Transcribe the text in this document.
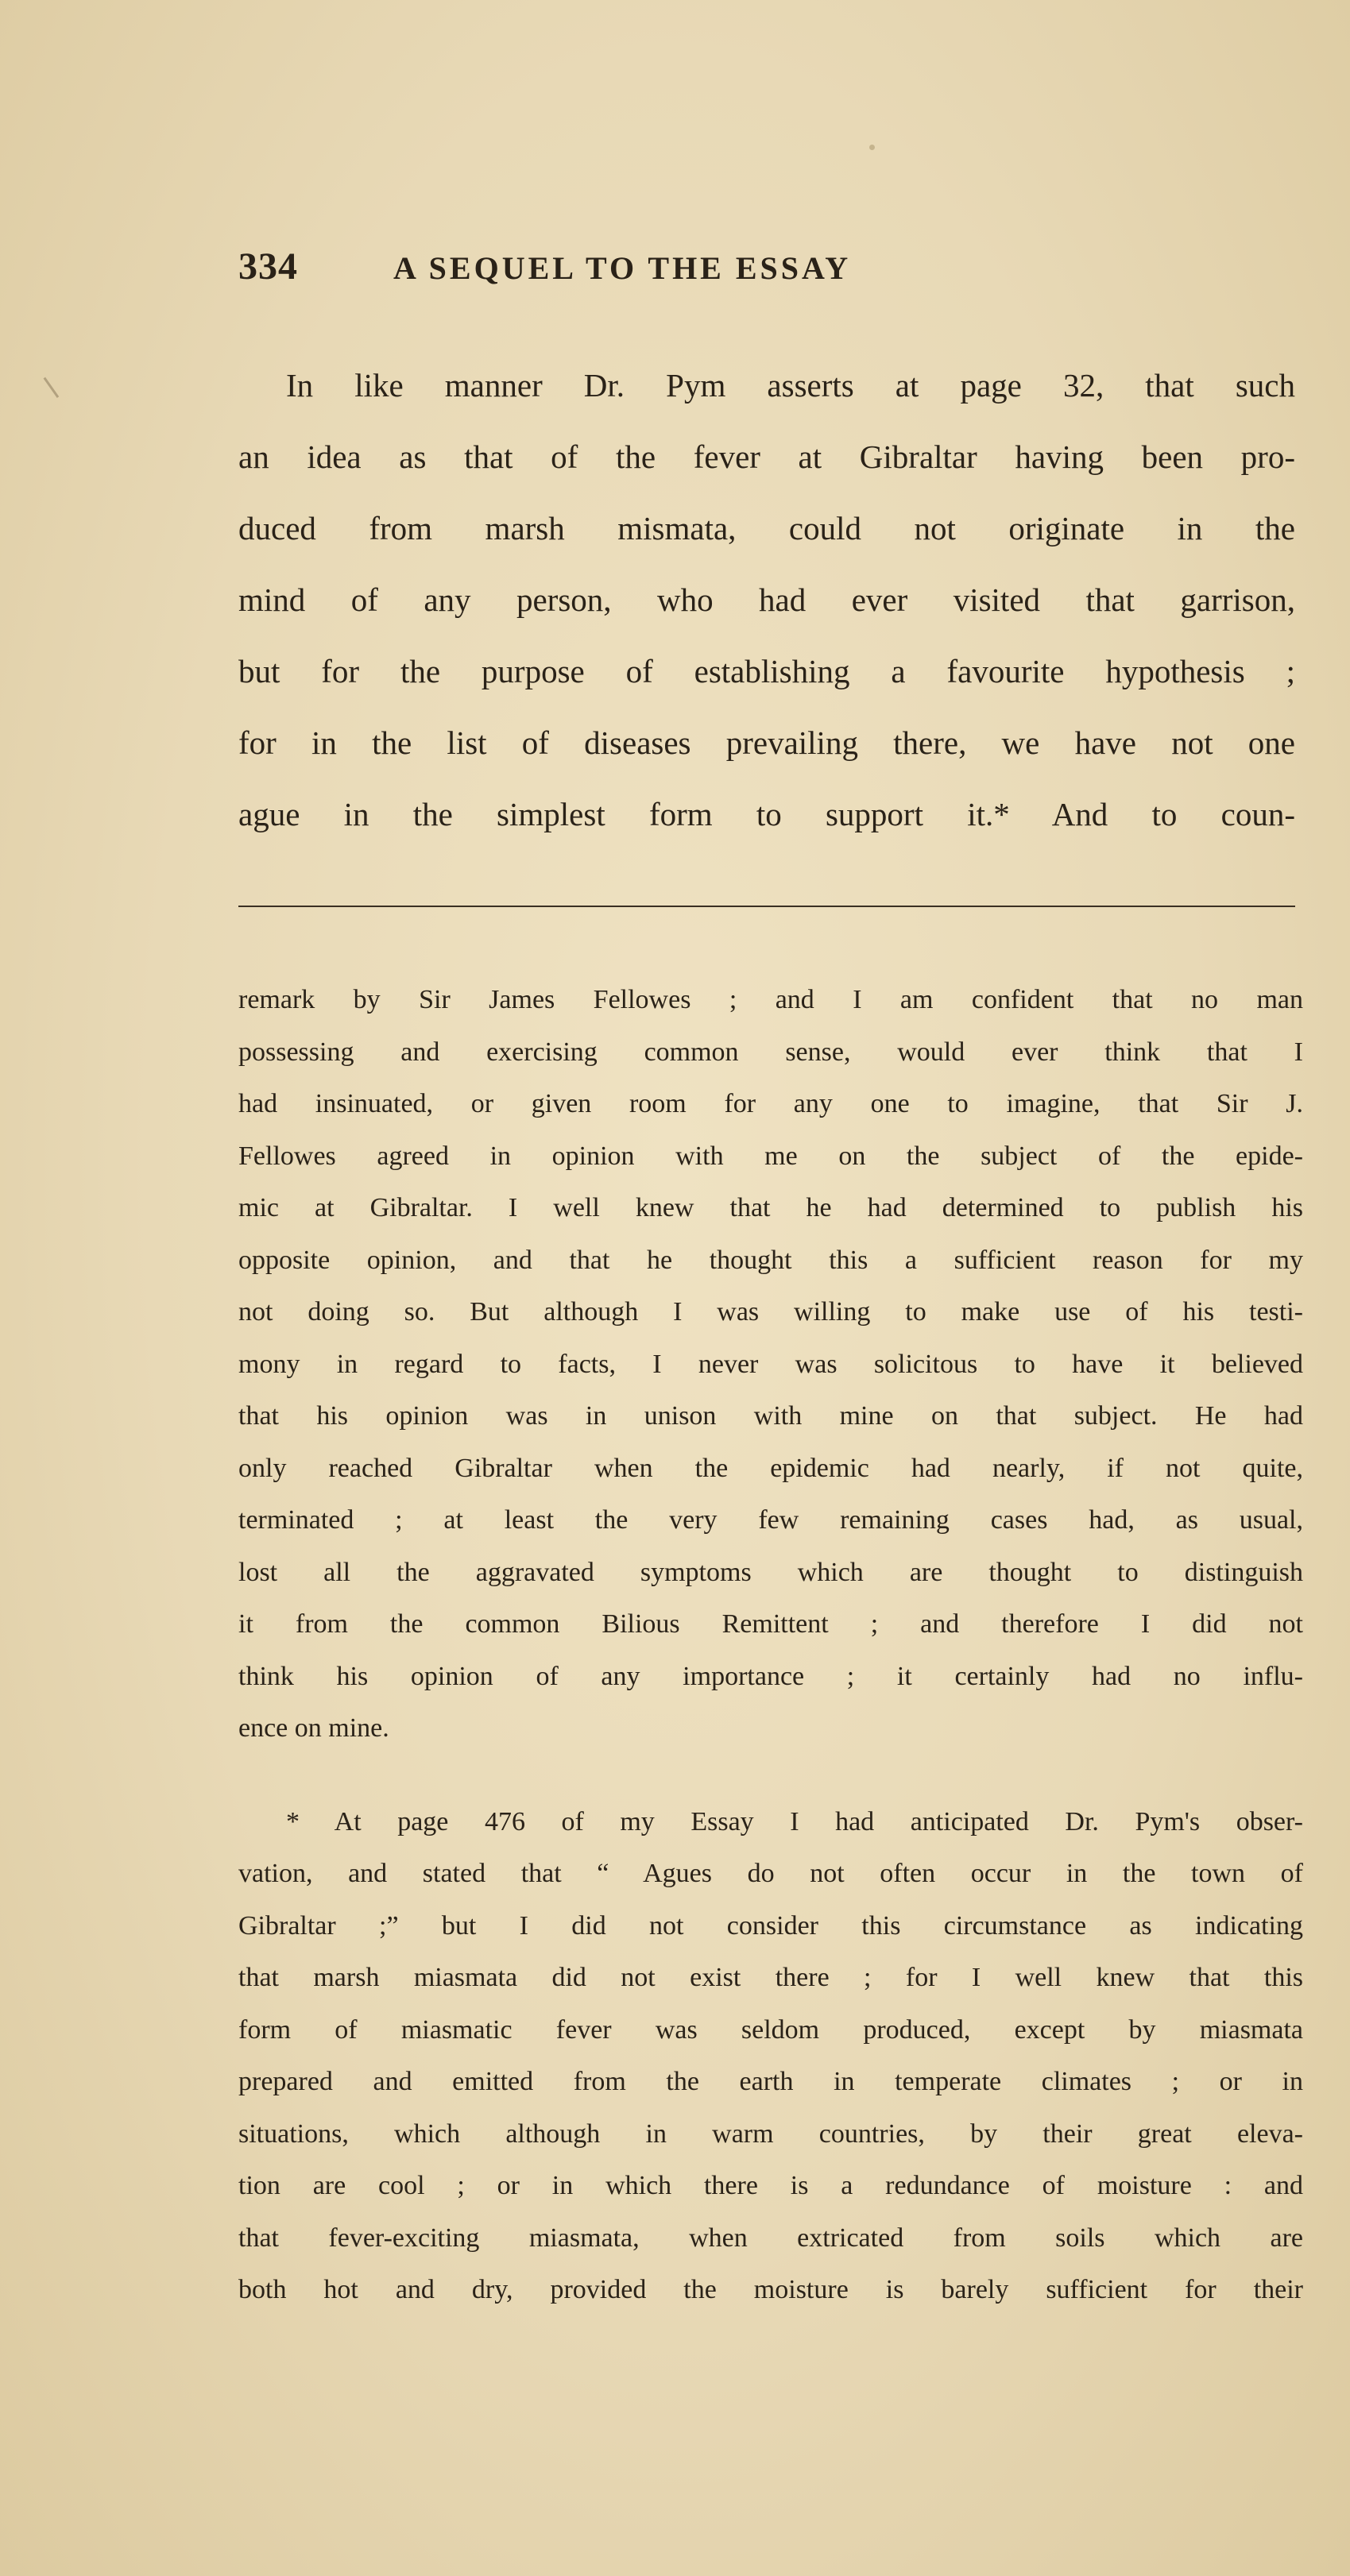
334	A SEQUEL TO THE ESSAY
In like manner Dr. Pym asserts at page 32, that such
an idea as that of the fever at Gibraltar having been pro-
duced from marsh mismata, could not originate in the
mind of any person, who had ever visited that garrison,
but for the purpose of establishing a favourite hypothesis ;
for in the list of diseases prevailing there, we have not one
ague in the simplest form to support it.* And to coun-
remark by Sir James Fellowes ; and I am confident that no man
possessing and exercising common sense, would ever think that I
had insinuated, or given room for any one to imagine, that Sir J.
Fellowes agreed in opinion with me on the subject of the epide-
mic at Gibraltar. I well knew that he had determined to publish his
opposite opinion, and that he thought this a sufficient reason for my
not doing so. But although I was willing to make use of his testi-
mony in regard to facts, I never was solicitous to have it believed
that his opinion was in unison with mine on that subject. He had
only reached Gibraltar when the epidemic had nearly, if not quite,
terminated ; at least the very few remaining cases had, as usual,
lost all the aggravated symptoms which are thought to distinguish
it from the common Bilious Remittent ; and therefore I did not
think his opinion of any importance ; it certainly had no influ-
ence on mine.
* At page 476 of my Essay I had anticipated Dr. Pym's obser-
vation, and stated that “ Agues do not often occur in the town of
Gibraltar ;” but I did not consider this circumstance as indicating
that marsh miasmata did not exist there ; for I well knew that this
form of miasmatic fever was seldom produced, except by miasmata
prepared and emitted from the earth in temperate climates ; or in
situations, which although in warm countries, by their great eleva-
tion are cool ; or in which there is a redundance of moisture : and
that fever-exciting miasmata, when extricated from soils which are
both hot and dry, provided the moisture is barely sufficient for their
